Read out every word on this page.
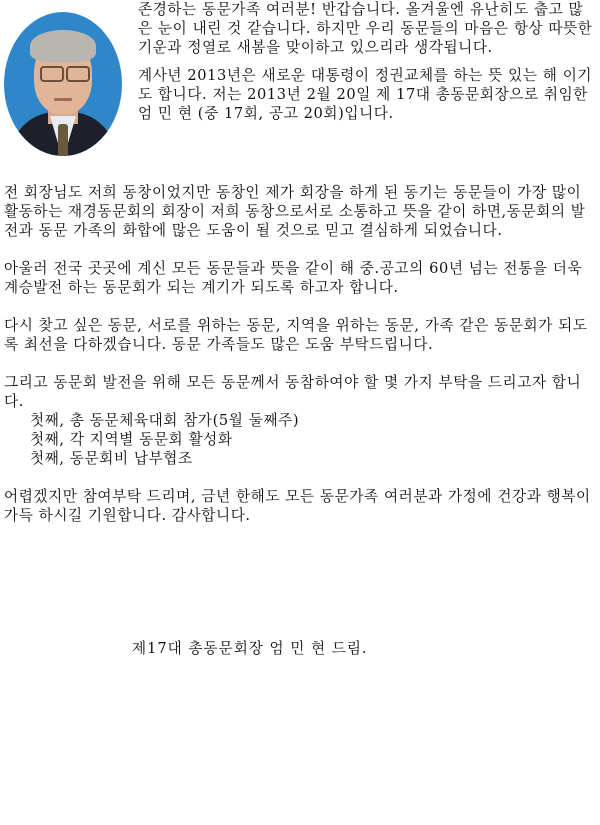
존경하는 동문가족 여러분! 반갑습니다. 올겨울엔 유난히도 춥고 많은 눈이 내린 것 같습니다. 하지만 우리 동문들의 마음은 항상 따뜻한 기운과 정열로 새봄을 맞이하고 있으리라 생각됩니다.

계사년 2013년은 새로운 대통령이 정권교체를 하는 뜻 있는 해 이기도 합니다. 저는 2013년 2월 20일 제 17대 총동문회장으로 취임한 엄 민 현 (중 17회, 공고 20회)입니다.

전 회장님도 저희 동창이었지만 동창인 제가 회장을 하게 된 동기는 동문들이 가장 많이 활동하는 재경동문회의 회장이 저희 동창으로서로 소통하고 뜻을 같이 하면,동문회의 발전과 동문 가족의 화합에 많은 도움이 될 것으로 믿고 결심하게 되었습니다.

아울러 전국 곳곳에 계신 모든 동문들과 뜻을 같이 해 중.공고의 60년 넘는 전통을 더욱 계승발전 하는 동문회가 되는 계기가 되도록 하고자 합니다.

다시 찾고 싶은 동문, 서로를 위하는 동문, 지역을 위하는 동문, 가족 같은 동문회가 되도록 최선을 다하겠습니다. 동문 가족들도 많은 도움 부탁드립니다.

그리고 동문회 발전을 위해 모든 동문께서 동참하여야 할 몇 가지 부탁을 드리고자 합니다.

첫째, 총 동문체육대회 참가(5월 둘째주)
첫째, 각 지역별 동문회 활성화
첫째, 동문회비 납부협조

어렵겠지만 참여부탁 드리며, 금년 한해도 모든 동문가족 여러분과 가정에 건강과 행복이 가득 하시길 기원합니다. 감사합니다.

제17대 총동문회장 엄 민 현 드림.
